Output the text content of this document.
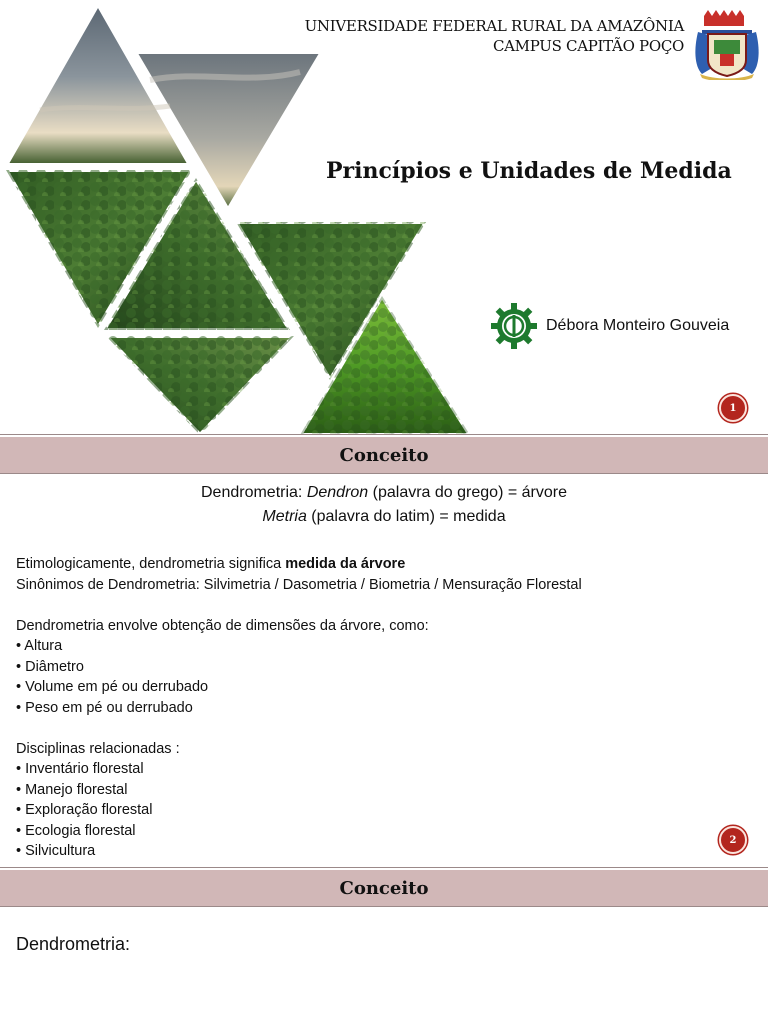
UNIVERSIDADE FEDERAL RURAL DA AMAZÔNIA
CAMPUS CAPITÃO POÇO
Princípios e Unidades de Medida
Débora Monteiro Gouveia
1
Conceito
Dendrometria: Dendron (palavra do grego) = árvore
Metria (palavra do latim) = medida
Etimologicamente, dendrometria significa medida da árvore
Sinônimos de Dendrometria: Silvimetria / Dasometria / Biometria / Mensuração Florestal
Dendrometria envolve obtenção de dimensões da árvore, como:
• Altura
• Diâmetro
• Volume em pé ou derrubado
• Peso em pé ou derrubado
Disciplinas relacionadas :
• Inventário florestal
• Manejo florestal
• Exploração florestal
• Ecologia florestal
• Silvicultura
2
Conceito
Dendrometria:
